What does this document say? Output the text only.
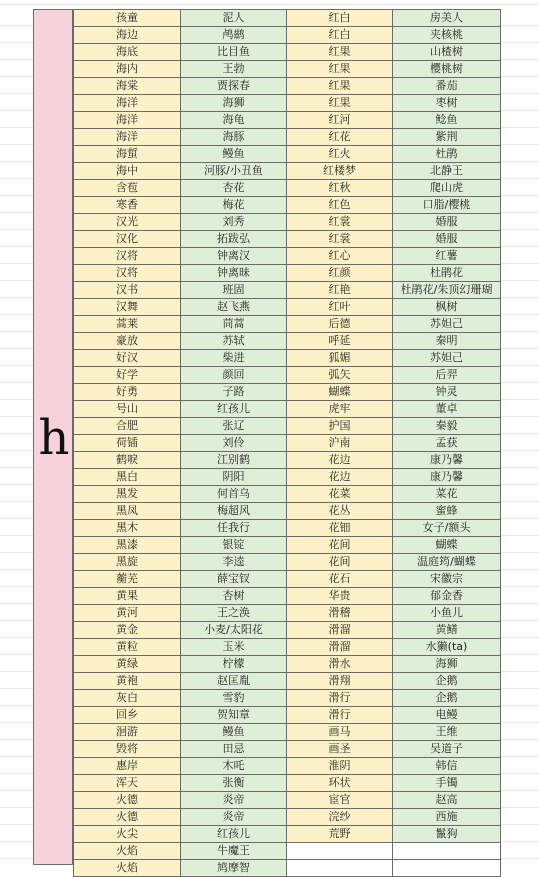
h
孩童	泥人	红白	房美人
海边	鸬鹚	红白	夹核桃
海底	比目鱼	红果	山楂树
海内	王勃	红果	樱桃树
海棠	贾探春	红果	番茄
海洋	海狮	红果	枣树
海洋	海龟	红河	鲶鱼
海洋	海豚	红花	紫荆
海蜇	鳗鱼	红火	杜鹃
海中	河豚/小丑鱼	红楼梦	北静王
含苞	杏花	红秋	爬山虎
寒香	梅花	红色	口脂/樱桃
汉光	刘秀	红裳	婚服
汉化	拓跋弘	红裳	婚服
汉将	钟离汉	红心	红薯
汉将	钟离昧	红颜	杜鹃花
汉书	班固	红艳	杜鹃花/朱顶幻珊瑚
汉舞	赵飞燕	红叶	枫树
蒿莱	茼蒿	后德	苏妲己
豪放	苏轼	呼延	秦明
好汉	柴进	狐媚	苏妲己
好学	颜回	弧矢	后羿
好勇	子路	蝴蝶	钟灵
号山	红孩儿	虎牢	董卓
合肥	张辽	护国	秦毅
荷锸	刘伶	沪南	孟获
鹤唳	江别鹤	花边	康乃馨
黑白	阴阳	花边	康乃馨
黑发	何首乌	花菜	菜花
黑凤	梅超风	花丛	蜜蜂
黑木	任我行	花钿	女子/额头
黑漆	银锭	花间	蝴蝶
黑旋	李逵	花间	温庭筠/蝴蝶
蘅芜	薛宝钗	花石	宋徽宗
黄果	杏树	华贵	郁金香
黄河	王之涣	滑稽	小鱼儿
黄金	小麦/太阳花	滑溜	黄鳝
黄粒	玉米	滑溜	水獭(ta)
黄绿	柠檬	滑水	海狮
黄袍	赵匡胤	滑翔	企鹅
灰白	雪豹	滑行	企鹅
回乡	贺知章	滑行	电鳗
洄游	鳗鱼	画马	王维
毁将	田忌	画圣	吴道子
惠岸	木吒	淮阴	韩信
浑天	张衡	环状	手镯
火德	炎帝	宦官	赵高
火德	炎帝	浣纱	西施
火尖	红孩儿	荒野	鬣狗
火焰	牛魔王		
火焰	鸠摩智		
